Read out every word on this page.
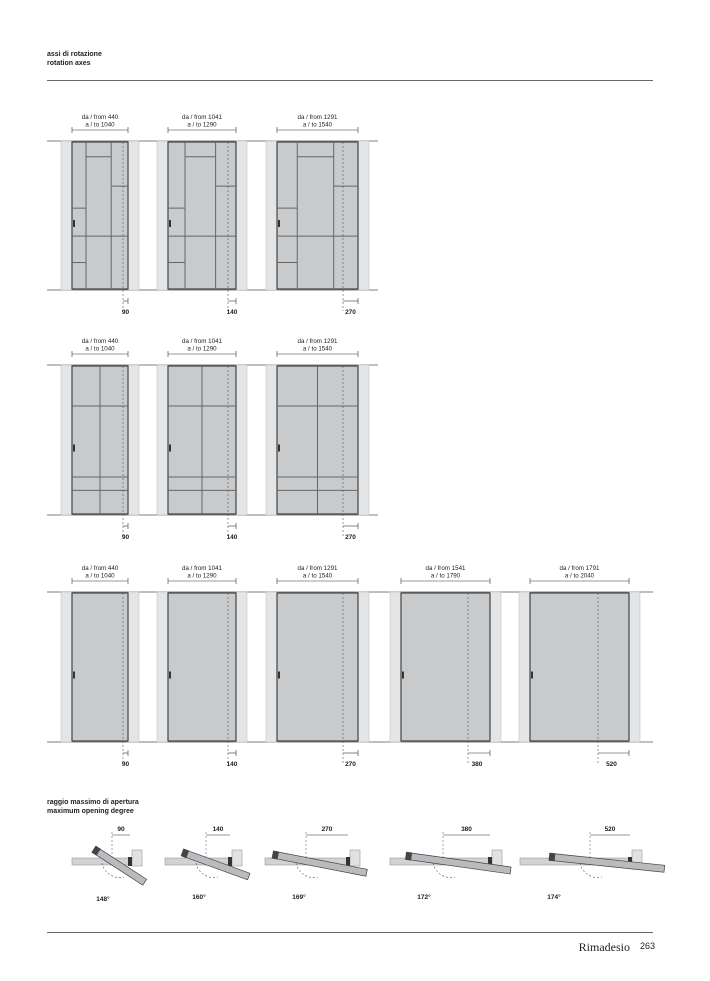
assi di rotazione
rotation axes
da / from 440
a / to 1040
90
da / from 1041
a / to 1290
140
da / from 1291
a / to 1540
270
da / from 440
a / to 1040
90
da / from 1041
a / to 1290
140
da / from 1291
a / to 1540
270
da / from 440
a / to 1040
90
da / from 1041
a / to 1290
140
da / from 1291
a / to 1540
270
da / from 1541
a / to 1790
380
da / from 1791
a / to 2040
520
90
148°
140
160°
270
169°
380
172°
520
174°
raggio massimo di apertura
maximum opening degree
Rimadesio 263
